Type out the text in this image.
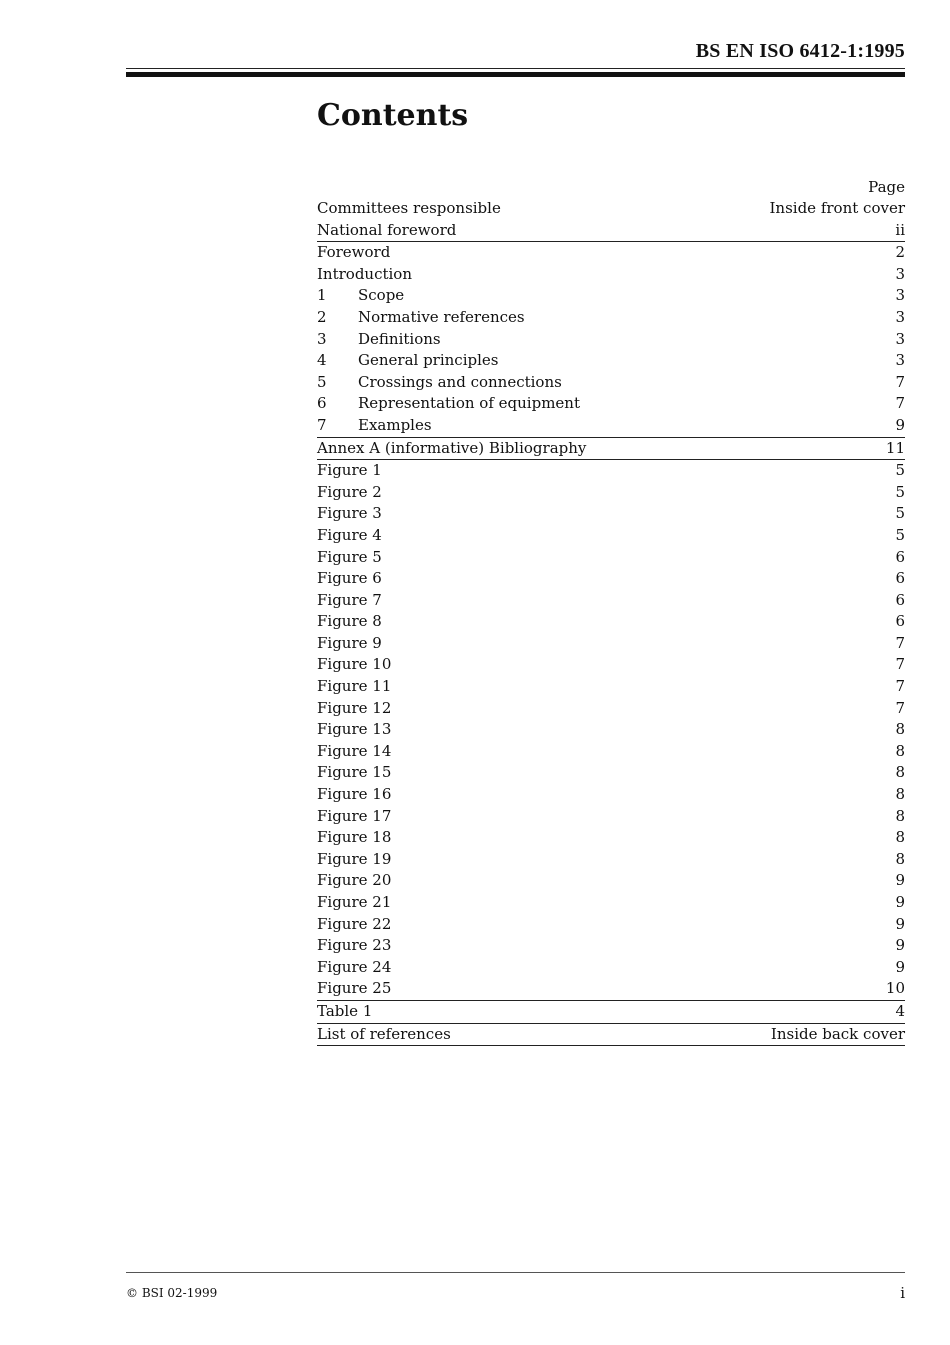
BS EN ISO 6412-1:1995
Contents
Page
Committees responsible	Inside front cover
National foreword	ii
Foreword	2
Introduction	3
1	Scope	3
2	Normative references	3
3	Definitions	3
4	General principles	3
5	Crossings and connections	7
6	Representation of equipment	7
7	Examples	9
Annex A (informative) Bibliography	11
Figure 1	5
Figure 2	5
Figure 3	5
Figure 4	5
Figure 5	6
Figure 6	6
Figure 7	6
Figure 8	6
Figure 9	7
Figure 10	7
Figure 11	7
Figure 12	7
Figure 13	8
Figure 14	8
Figure 15	8
Figure 16	8
Figure 17	8
Figure 18	8
Figure 19	8
Figure 20	9
Figure 21	9
Figure 22	9
Figure 23	9
Figure 24	9
Figure 25	10
Table 1	4
List of references	Inside back cover
© BSI 02-1999	i
